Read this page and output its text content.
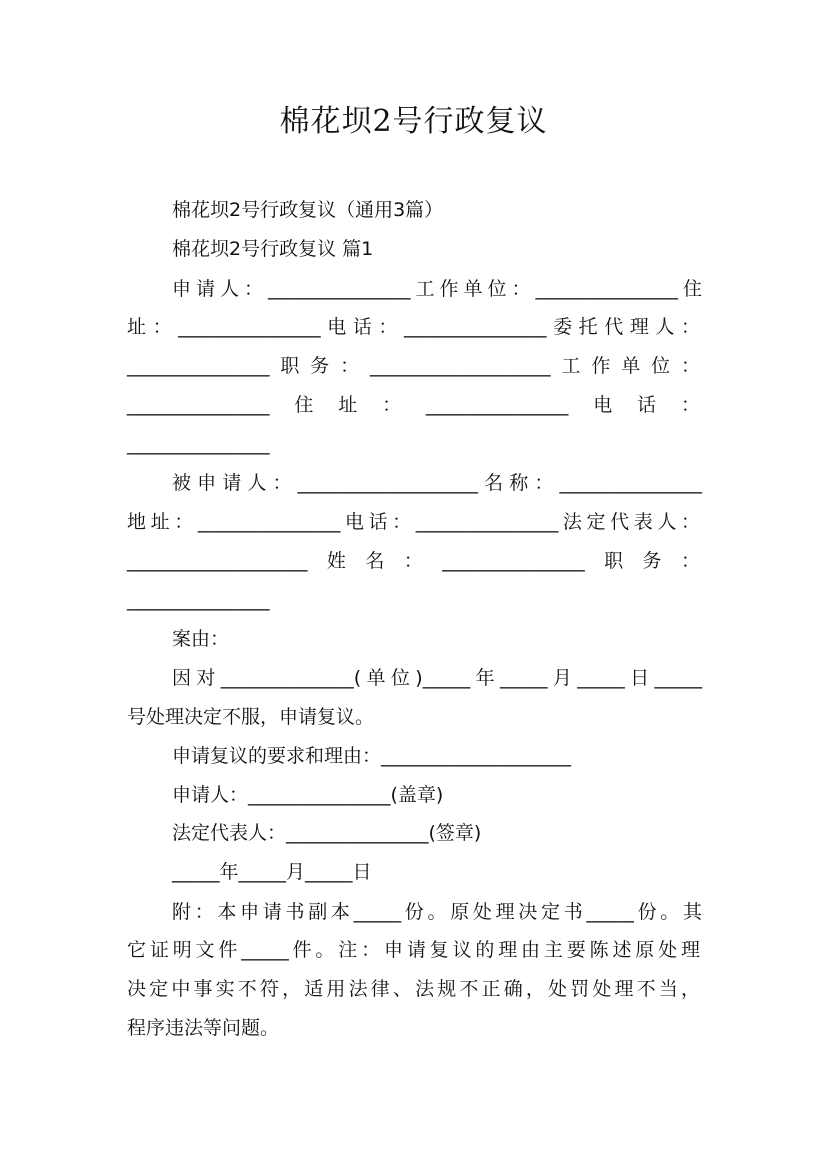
棉花坝2号行政复议
棉花坝2号行政复议（通用3篇）
棉花坝2号行政复议 篇1
申请人：_______________工作单位：_______________住
址：_______________电话：_______________委托代理人：
_______________职务：___________________工作单位：
_______________住址：_______________电话：
_______________
被申请人：___________________名称：_______________
地址：_______________电话：_______________法定代表人：
___________________姓名：_______________职务：
_______________
案由：
因对______________(单位)_____年_____月_____日_____
号处理决定不服，申请复议。
申请复议的要求和理由：____________________
申请人：_______________(盖章)
法定代表人：_______________(签章)
_____年_____月_____日
附：本申请书副本_____份。原处理决定书_____份。其
它证明文件_____件。注：申请复议的理由主要陈述原处理
决定中事实不符，适用法律、法规不正确，处罚处理不当，
程序违法等问题。
